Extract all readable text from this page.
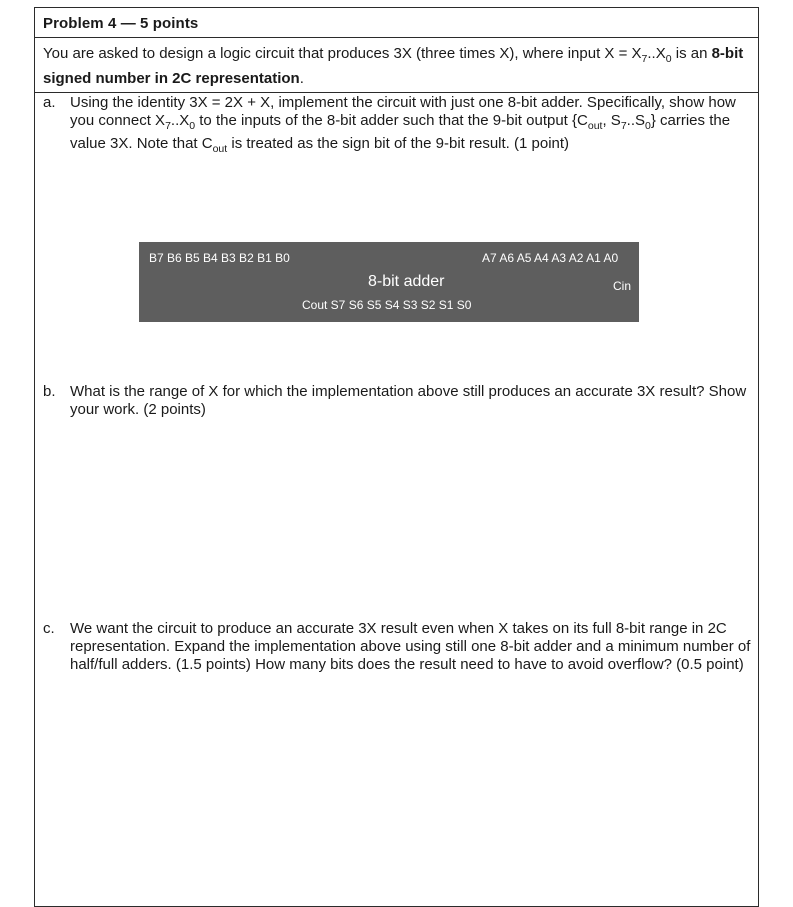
Problem 4 — 5 points
You are asked to design a logic circuit that produces 3X (three times X), where input $X = X_7..X_0$ is an 8-bit signed number in 2C representation.
a. Using the identity 3X = 2X + X, implement the circuit with just one 8-bit adder. Specifically, show how you connect $X_7..X_0$ to the inputs of the 8-bit adder such that the 9-bit output {$C_{out}$, $S_7..S_0$} carries the value 3X. Note that $C_{out}$ is treated as the sign bit of the 9-bit result. (1 point)
B7 B6 B5 B4 B3 B2 B1 B0	A7 A6 A5 A4 A3 A2 A1 A0
8-bit adder	Cin
Cout S7 S6 S5 S4 S3 S2 S1 S0
b. What is the range of X for which the implementation above still produces an accurate 3X result? Show your work. (2 points)
c. We want the circuit to produce an accurate 3X result even when X takes on its full 8-bit range in 2C representation. Expand the implementation above using still one 8-bit adder and a minimum number of half/full adders. (1.5 points) How many bits does the result need to have to avoid overflow? (0.5 point)
